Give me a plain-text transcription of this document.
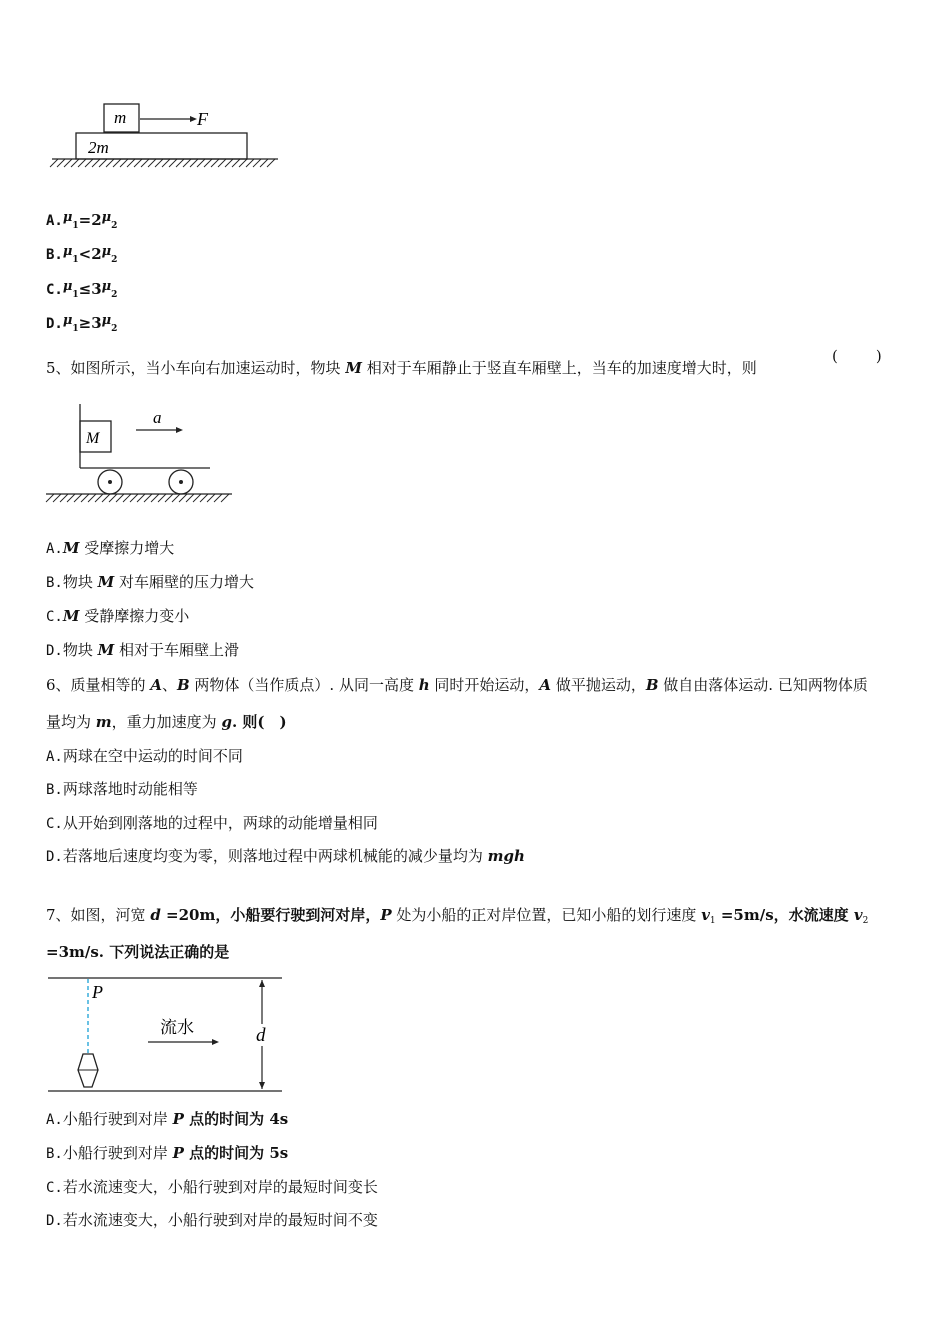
m	F
2m
$A.\mu_1=2\mu_2$
$B.\mu_1<2\mu_2$
$C.\mu_1\le 3\mu_2$
$D.\mu_1\ge 3\mu_2$
5、如图所示，当小车向右加速运动时，物块 M 相对于车厢静止于竖直车厢壁上，当车的加速度增大时，则
(	)
M
a
A.M 受摩擦力增大
B.物块 M 对车厢壁的压力增大
C.M 受静摩擦力变小
D.物块 M 相对于车厢壁上滑
6、质量相等的 A、B 两物体（当作质点）. 从同一高度 h 同时开始运动，A 做平抛运动，B 做自由落体运动. 已知两物体质
量均为 m，重力加速度为 g. 则(　)
A.两球在空中运动的时间不同
B.两球落地时动能相等
C.从开始到刚落地的过程中，两球的动能增量相同
D.若落地后速度均变为零，则落地过程中两球机械能的减少量均为 mgh
7、如图，河宽 d =20m，小船要行驶到河对岸，P 处为小船的正对岸位置，已知小船的划行速度 $v_1 =5m/s$，水流速度 $v_2$
=3m/s. 下列说法正确的是
P
流水	d
A.小船行驶到对岸 P 点的时间为 4s
B.小船行驶到对岸 P 点的时间为 5s
C.若水流速变大，小船行驶到对岸的最短时间变长
D.若水流速变大，小船行驶到对岸的最短时间不变
